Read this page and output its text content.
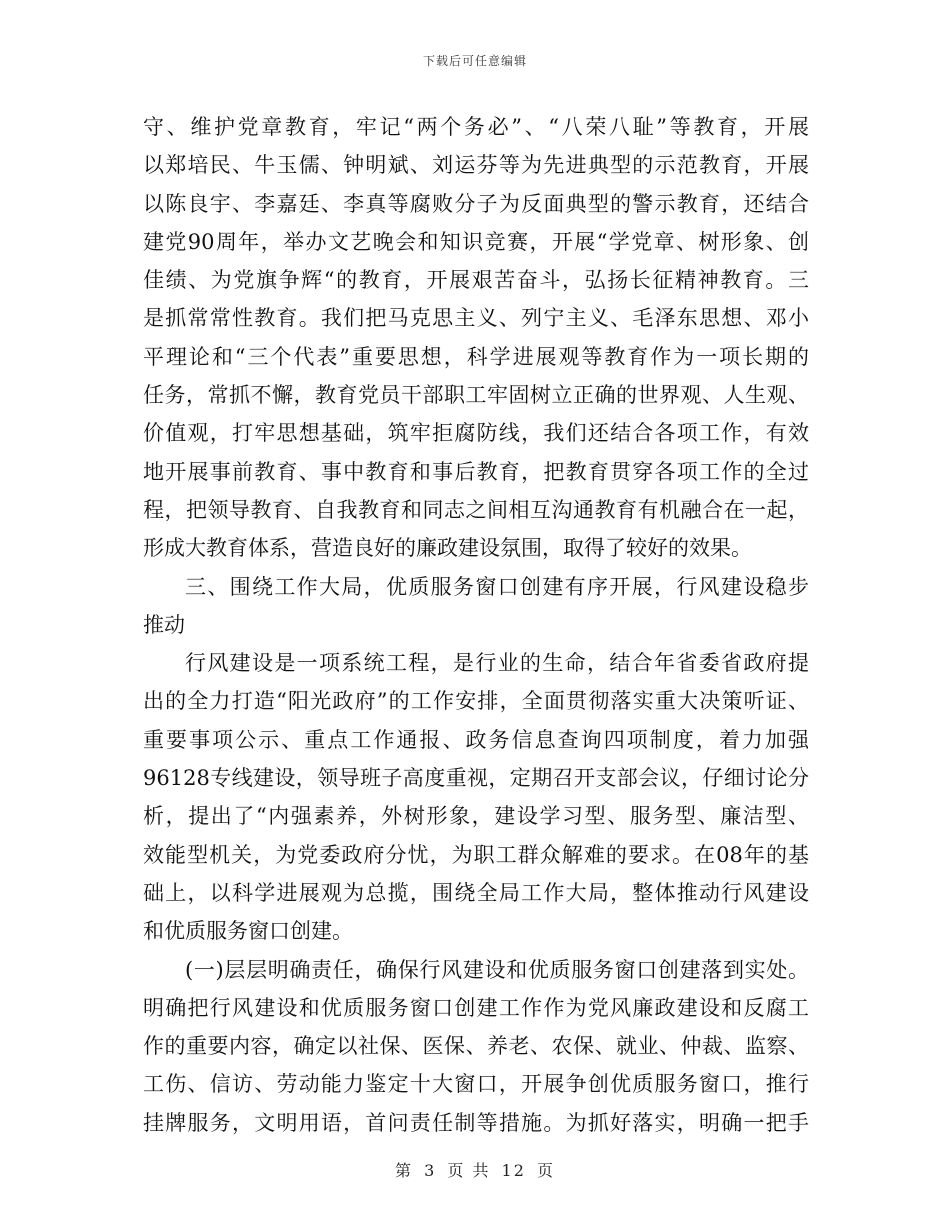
下载后可任意编辑
守、维护党章教育，牢记“两个务必”、“八荣八耻”等教育，开展
以郑培民、牛玉儒、钟明斌、刘运芬等为先进典型的示范教育，开展
以陈良宇、李嘉廷、李真等腐败分子为反面典型的警示教育，还结合
建党90周年，举办文艺晚会和知识竞赛，开展“学党章、树形象、创
佳绩、为党旗争辉“的教育，开展艰苦奋斗，弘扬长征精神教育。三
是抓常常性教育。我们把马克思主义、列宁主义、毛泽东思想、邓小
平理论和“三个代表”重要思想，科学进展观等教育作为一项长期的
任务，常抓不懈，教育党员干部职工牢固树立正确的世界观、人生观、
价值观，打牢思想基础，筑牢拒腐防线，我们还结合各项工作，有效
地开展事前教育、事中教育和事后教育，把教育贯穿各项工作的全过
程，把领导教育、自我教育和同志之间相互沟通教育有机融合在一起，
形成大教育体系，营造良好的廉政建设氛围，取得了较好的效果。
三、围绕工作大局，优质服务窗口创建有序开展，行风建设稳步
推动
行风建设是一项系统工程，是行业的生命，结合年省委省政府提
出的全力打造“阳光政府”的工作安排，全面贯彻落实重大决策听证、
重要事项公示、重点工作通报、政务信息查询四项制度，着力加强
96128专线建设，领导班子高度重视，定期召开支部会议，仔细讨论分
析，提出了“内强素养，外树形象，建设学习型、服务型、廉洁型、
效能型机关，为党委政府分忧，为职工群众解难的要求。在08年的基
础上，以科学进展观为总揽，围绕全局工作大局，整体推动行风建设
和优质服务窗口创建。
(一)层层明确责任，确保行风建设和优质服务窗口创建落到实处。
明确把行风建设和优质服务窗口创建工作作为党风廉政建设和反腐工
作的重要内容，确定以社保、医保、养老、农保、就业、仲裁、监察、
工伤、信访、劳动能力鉴定十大窗口，开展争创优质服务窗口，推行
挂牌服务，文明用语，首问责任制等措施。为抓好落实，明确一把手
第 3 页 共 12 页
